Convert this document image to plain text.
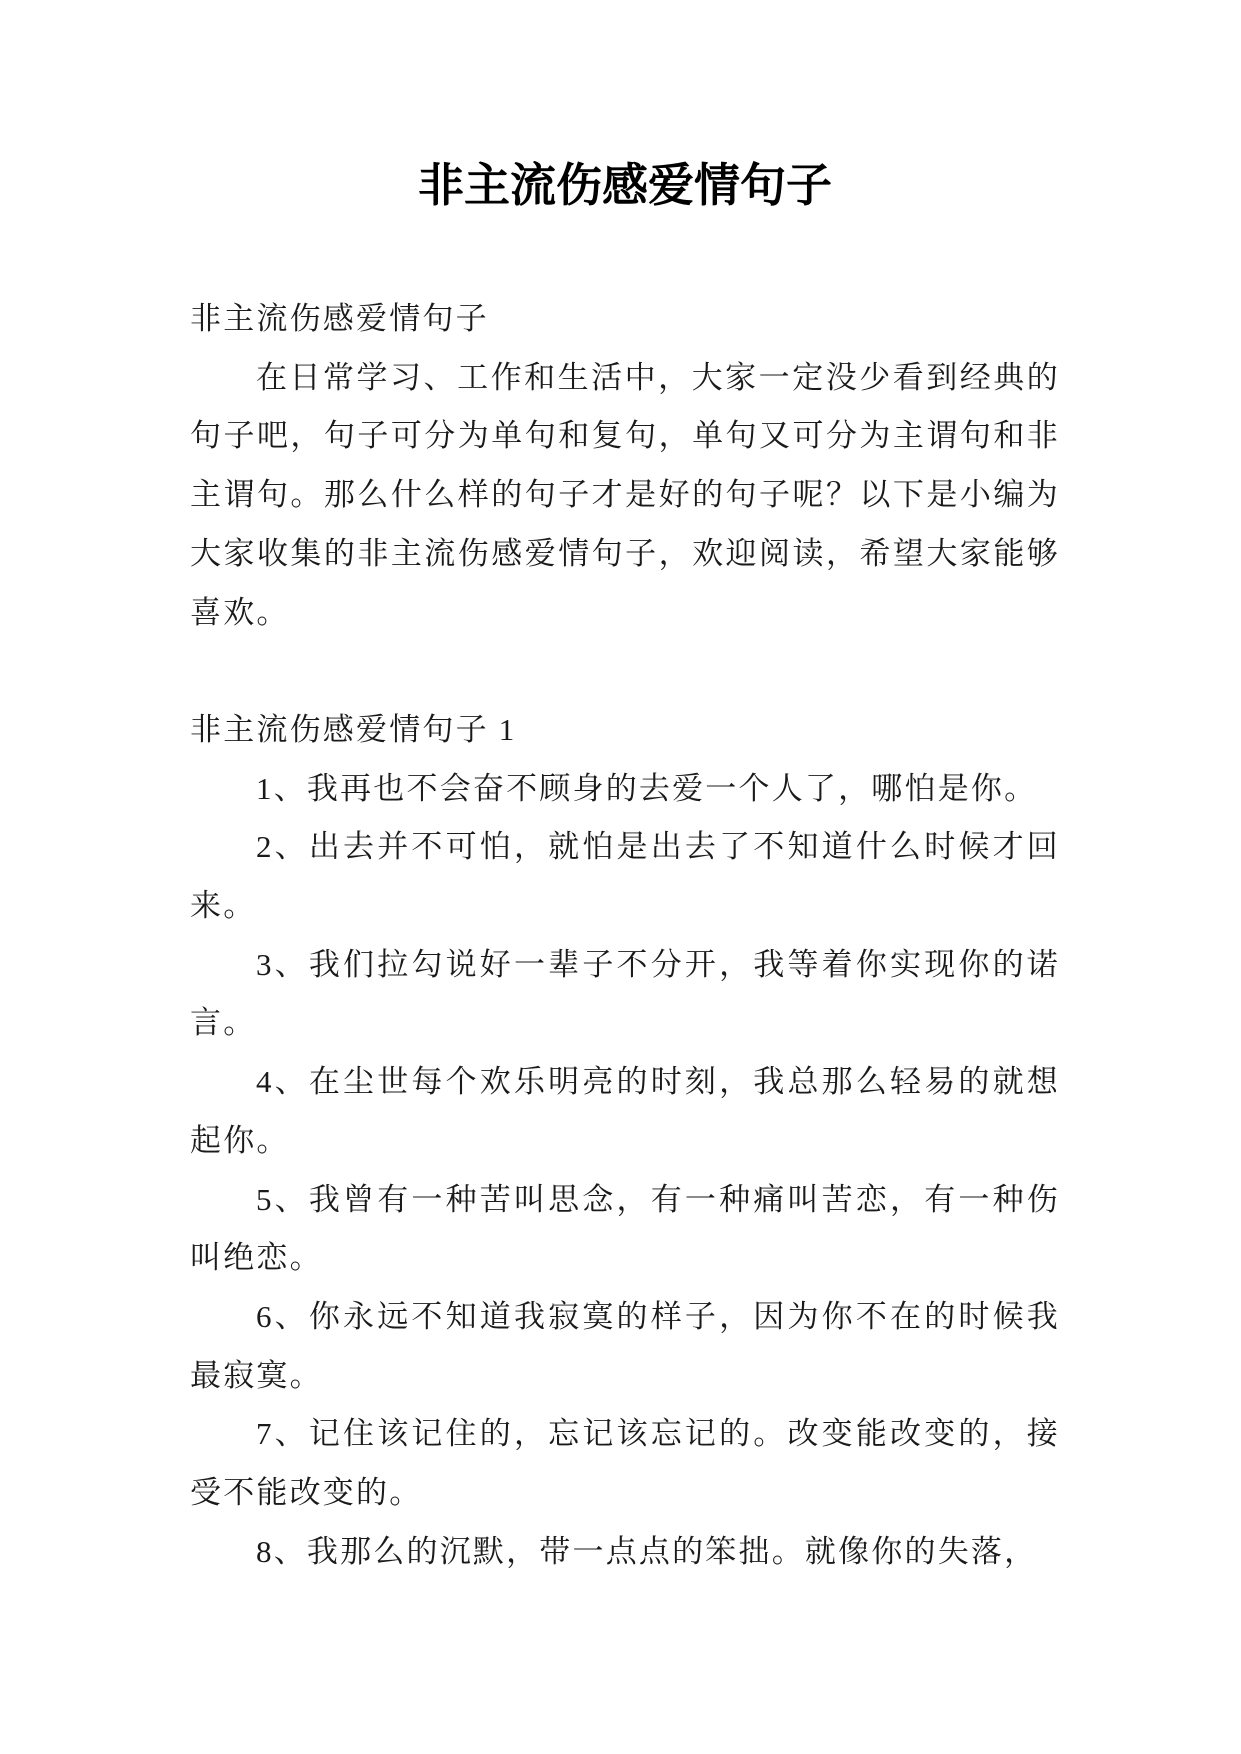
非主流伤感爱情句子

非主流伤感爱情句子

在日常学习、工作和生活中，大家一定没少看到经典的句子吧，句子可分为单句和复句，单句又可分为主谓句和非主谓句。那么什么样的句子才是好的句子呢？以下是小编为大家收集的非主流伤感爱情句子，欢迎阅读，希望大家能够喜欢。

非主流伤感爱情句子 1

1、我再也不会奋不顾身的去爱一个人了，哪怕是你。

2、出去并不可怕，就怕是出去了不知道什么时候才回来。

3、我们拉勾说好一辈子不分开，我等着你实现你的诺言。

4、在尘世每个欢乐明亮的时刻，我总那么轻易的就想起你。

5、我曾有一种苦叫思念，有一种痛叫苦恋，有一种伤叫绝恋。

6、你永远不知道我寂寞的样子，因为你不在的时候我最寂寞。

7、记住该记住的，忘记该忘记的。改变能改变的，接受不能改变的。

8、我那么的沉默，带一点点的笨拙。就像你的失落，
